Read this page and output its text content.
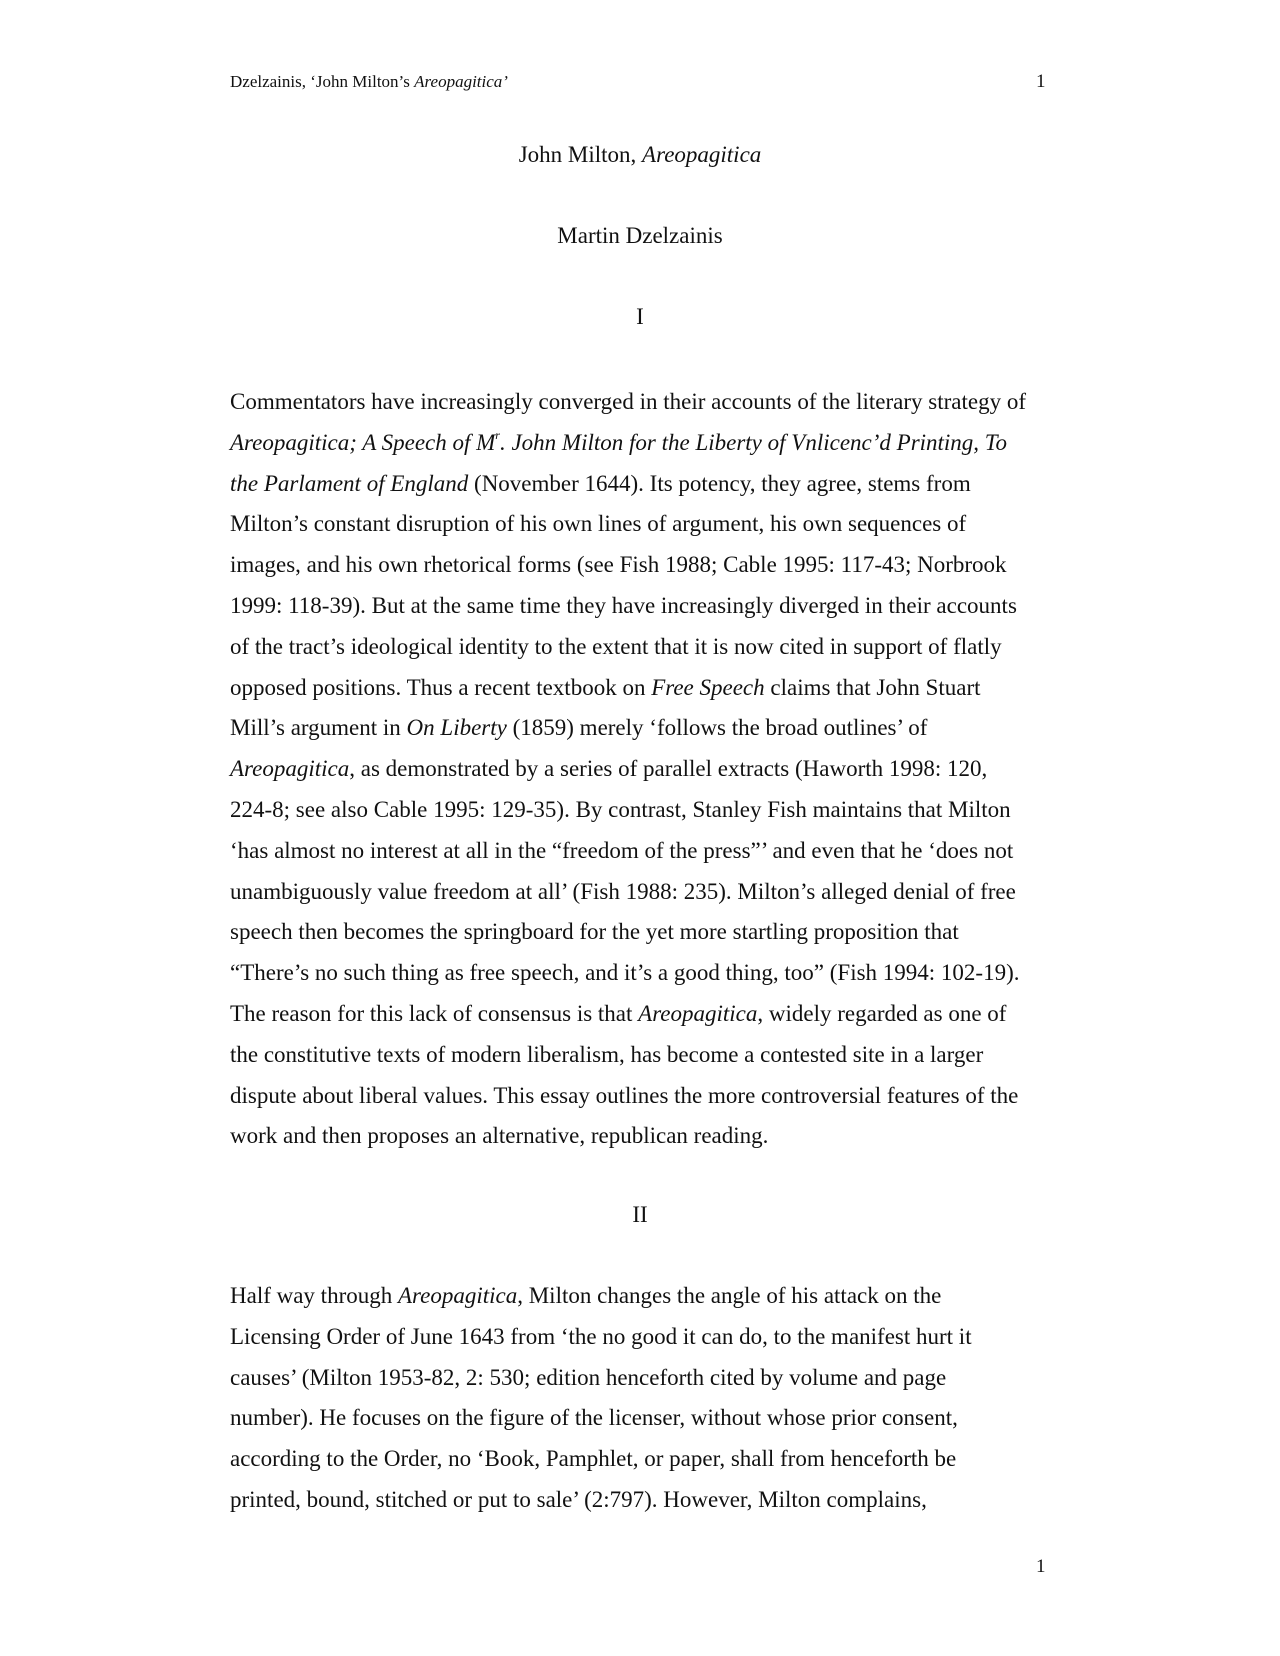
Dzelzainis, ‘John Milton’s Areopagitica’	1
John Milton, Areopagitica
Martin Dzelzainis
I
Commentators have increasingly converged in their accounts of the literary strategy of
Areopagitica; A Speech of $M^r$. John Milton for the Liberty of Vnlicenc’d Printing, To
the Parlament of England (November 1644). Its potency, they agree, stems from
Milton’s constant disruption of his own lines of argument, his own sequences of
images, and his own rhetorical forms (see Fish 1988; Cable 1995: 117-43; Norbrook
1999: 118-39). But at the same time they have increasingly diverged in their accounts
of the tract’s ideological identity to the extent that it is now cited in support of flatly
opposed positions. Thus a recent textbook on Free Speech claims that John Stuart
Mill’s argument in On Liberty (1859) merely ‘follows the broad outlines’ of
Areopagitica, as demonstrated by a series of parallel extracts (Haworth 1998: 120,
224-8; see also Cable 1995: 129-35). By contrast, Stanley Fish maintains that Milton
‘has almost no interest at all in the “freedom of the press”’ and even that he ‘does not
unambiguously value freedom at all’ (Fish 1988: 235). Milton’s alleged denial of free
speech then becomes the springboard for the yet more startling proposition that
“There’s no such thing as free speech, and it’s a good thing, too” (Fish 1994: 102-19).
The reason for this lack of consensus is that Areopagitica, widely regarded as one of
the constitutive texts of modern liberalism, has become a contested site in a larger
dispute about liberal values. This essay outlines the more controversial features of the
work and then proposes an alternative, republican reading.
II
Half way through Areopagitica, Milton changes the angle of his attack on the
Licensing Order of June 1643 from ‘the no good it can do, to the manifest hurt it
causes’ (Milton 1953-82, 2: 530; edition henceforth cited by volume and page
number). He focuses on the figure of the licenser, without whose prior consent,
according to the Order, no ‘Book, Pamphlet, or paper, shall from henceforth be
printed, bound, stitched or put to sale’ (2:797). However, Milton complains,
1
